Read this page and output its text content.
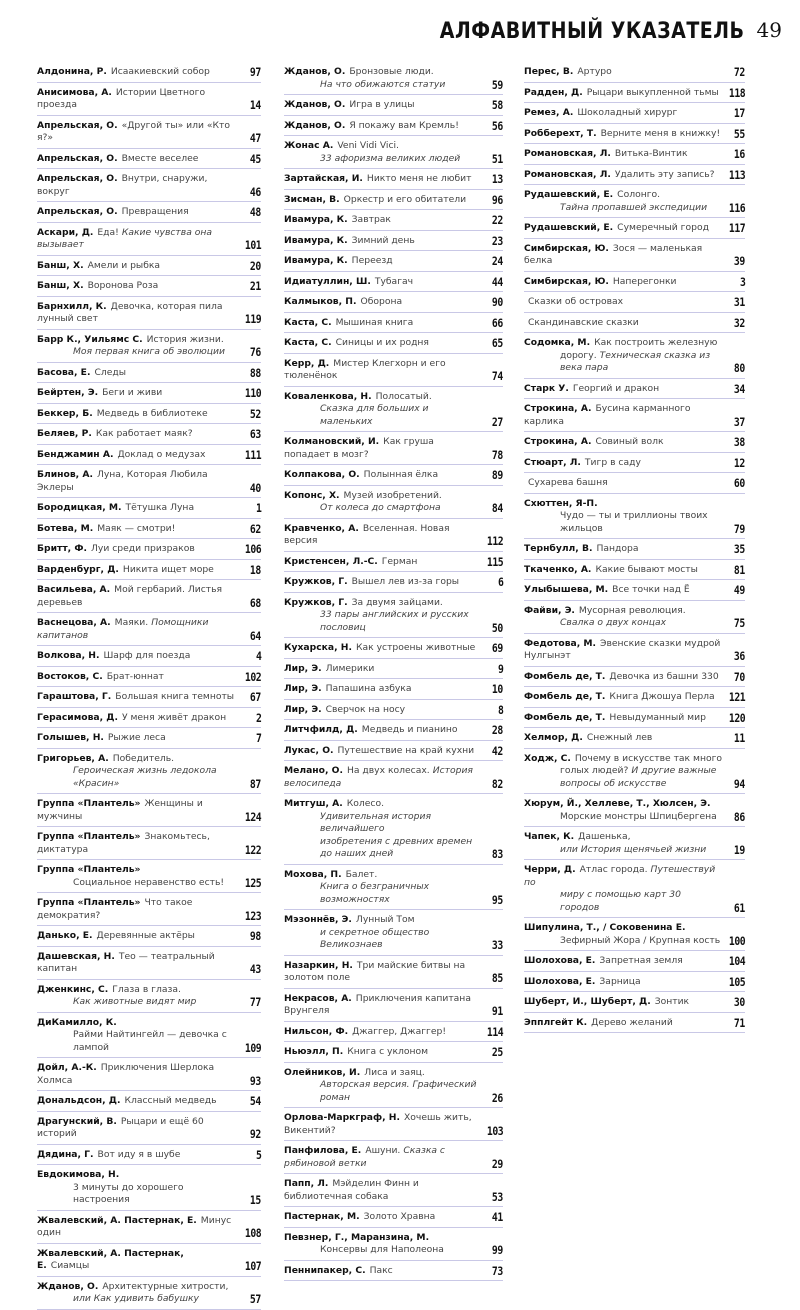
АЛФАВИТНЫЙ УКАЗАТЕЛЬ 49
Алдонина, Р. Исаакиевский собор	97
Анисимова, А. Истории Цветного проезда	14
Апрельская, О. «Другой ты» или «Кто я?»	47
Апрельская, О. Вместе веселее	45
Апрельская, О. Внутри, снаружи, вокруг	46
Апрельская, О. Превращения	48
Аскари, Д. Еда! Какие чувства она вызывает	101
Банш, Х. Амели и рыбка	20
Банш, Х. Воронова Роза	21
Барнхилл, К. Девочка, которая пила лунный свет	119
Барр К., Уильямс С. История жизни.
Моя первая книга об эволюции	76
Басова, Е. Следы	88
Бейртен, Э. Беги и живи	110
Беккер, Б. Медведь в библиотеке	52
Беляев, Р. Как работает маяк?	63
Бенджамин А. Доклад о медузах	111
Блинов, А. Луна, Которая Любила Эклеры	40
Бородицкая, М. Тётушка Луна	1
Ботева, М. Маяк — смотри!	62
Бритт, Ф. Луи среди призраков	106
Варденбург, Д. Никита ищет море	18
Васильева, А. Мой гербарий. Листья деревьев	68
Васнецова, А. Маяки. Помощники капитанов	64
Волкова, Н. Шарф для поезда	4
Востоков, С. Брат-юннат	102
Гараштова, Г. Большая книга темноты 67
Герасимова, Д. У меня живёт дракон	2
Голышев, Н. Рыжие леса	7
Григорьев, А. Победитель.
Героическая жизнь ледокола «Красин»	87
Группа «Плантель» Женщины и мужчины	124
Группа «Плантель» Знакомьтесь, диктатура	122
Группа «Плантель»
Социальное неравенство есть!	125
Группа «Плантель» Что такое демократия?	123
Данько, Е. Деревянные актёры	98
Дашевская, Н. Тео — театральный капитан	43
Дженкинс, С. Глаза в глаза.
Как животные видят мир	77
ДиКамилло, К.
Райми Найтингейл — девочка с лампой	109
Дойл, А.-К. Приключения Шерлока Холмса	93
Дональдсон, Д. Классный медведь	54
Драгунский, В. Рыцари и ещё 60 историй	92
Дядина, Г. Вот иду я в шубе	5
Евдокимова, Н.
3 минуты до хорошего настроения	15
Жвалевский, А. Пастернак, Е. Минус один	108
Жвалевский, А. Пастернак, Е. Сиамцы	107
Жданов, О. Архитектурные хитрости,
или Как удивить бабушку	57
Жданов, О. Бронзовые люди.
На что обижаются статуи	59
Жданов, О. Игра в улицы	58
Жданов, О. Я покажу вам Кремль!	56
Жонас А. Veni Vidi Vici.
33 афоризма великих людей	51
Зартайская, И. Никто меня не любит 13
Зисман, В. Оркестр и его обитатели 96
Ивамура, К. Завтрак	22
Ивамура, К. Зимний день	23
Ивамура, К. Переезд	24
Идиатуллин, Ш. Тубагач	44
Калмыков, П. Оборона	90
Каста, С. Мышиная книга	66
Каста, С. Синицы и их родня	65
Керр, Д. Мистер Клегхорн и его тюленёнок	74
Коваленкова, Н. Полосатый.
Сказка для больших и маленьких	27
Колмановский, И. Как груша попадает в мозг?	78
Колпакова, О. Полынная ёлка	89
Копонс, Х. Музей изобретений.
От колеса до смартфона	84
Кравченко, А. Вселенная. Новая версия	112
Кристенсен, Л.-С. Герман	115
Кружков, Г. Вышел лев из-за горы	6
Кружков, Г. За двумя зайцами.
33 пары английских и русских пословиц	50
Кухарска, Н. Как устроены животные 69
Лир, Э. Лимерики	9
Лир, Э. Папашина азбука	10
Лир, Э. Сверчок на носу	8
Литчфилд, Д. Медведь и пианино	28
Лукас, О. Путешествие на край кухни 42
Мелано, О. На двух колесах. История велосипеда	82
Митгуш, А. Колесо.
Удивительная история величайшего
изобретения с древних времен до наших дней	83
Мохова, П. Балет.
Книга о безграничных возможностях	95
Мэзоннёв, Э. Лунный Том
и секретное общество Великознаев	33
Назаркин, Н. Три майские битвы на золотом поле	85
Некрасов, А. Приключения капитана Врунгеля	91
Нильсон, Ф. Джаггер, Джаггер!	114
Ньюэлл, П. Книга с уклоном	25
Олейников, И. Лиса и заяц.
Авторская версия. Графический роман	26
Орлова-Маркграф, Н. Хочешь жить, Викентий?	103
Панфилова, Е. Ашуни. Сказка с рябиновой ветки	29
Папп, Л. Мэйделин Финн и библиотечная собака	53
Пастернак, М. Золото Хравна	41
Певзнер, Г., Маранзина, М.
Консервы для Наполеона	99
Пеннипакер, С. Пакс	73
Перес, В. Артуро	72
Радден, Д. Рыцари выкупленной тьмы 118
Ремез, А. Шоколадный хирург	17
Робберехт, Т. Верните меня в книжку! 55
Романовская, Л. Витька-Винтик	16
Романовская, Л. Удалить эту запись? 113
Рудашевский, Е. Солонго.
Тайна пропавшей экспедиции	116
Рудашевский, Е. Сумеречный город 117
Симбирская, Ю. Зося — маленькая белка	39
Симбирская, Ю. Наперегонки	3
Сказки об островах	31
Скандинавские сказки	32
Содомка, М. Как построить железную
дорогу. Техническая сказка из века пара	80
Старк У. Георгий и дракон	34
Строкина, А. Бусина карманного карлика	37
Строкина, А. Совиный волк	38
Стюарт, Л. Тигр в саду	12
Сухарева башня	60
Схюттен, Я-П.
Чудо — ты и триллионы твоих жильцов	79
Тернбулл, В. Пандора	35
Ткаченко, А. Какие бывают мосты	81
Улыбышева, М. Все точки над Ё	49
Файви, Э. Мусорная революция.
Свалка о двух концах	75
Федотова, М. Эвенские сказки мудрой Нулгынэт	36
Фомбель де, Т. Девочка из башни 330 70
Фомбель де, Т. Книга Джошуа Перла 121
Фомбель де, Т. Невыдуманный мир 120
Хелмор, Д. Снежный лев	11
Ходж, С. Почему в искусстве так много
голых людей? И другие важные
вопросы об искусстве	94
Хюрум, Й., Хеллеве, Т., Хюлсен, Э.
Морские монстры Шпицбергена	86
Чапек, К. Дашенька,
или История щенячьей жизни	19
Черри, Д. Атлас города. Путешествуй по
миру с помощью карт 30 городов	61
Шипулина, Т., / Соковенина Е.
Зефирный Жора / Крупная кость 100
Шолохова, Е. Запретная земля	104
Шолохова, Е. Зарница	105
Шуберт, И., Шуберт, Д. Зонтик	30
Эпплгейт К. Дерево желаний	71
